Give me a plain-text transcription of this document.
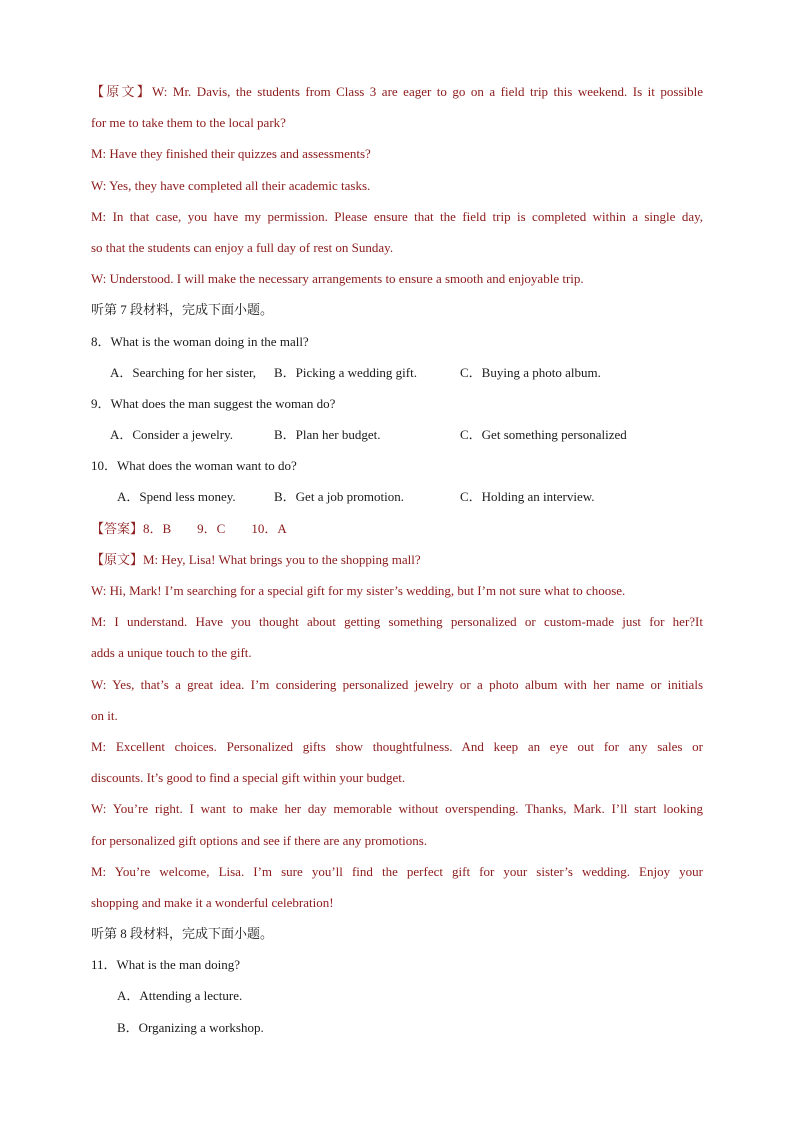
【原文】W: Mr. Davis, the students from Class 3 are eager to go on a field trip this weekend. Is it possible
for me to take them to the local park?
M: Have they finished their quizzes and assessments?
W: Yes, they have completed all their academic tasks.
M: In that case, you have my permission. Please ensure that the field trip is completed within a single day,
so that the students can enjoy a full day of rest on Sunday.
W: Understood. I will make the necessary arrangements to ensure a smooth and enjoyable trip.
听第 7 段材料，完成下面小题。
8．What is the woman doing in the mall?
A．Searching for her sister, B．Picking a wedding gift.	C．Buying a photo album.
9．What does the man suggest the woman do?
A．Consider a jewelry.	B．Plan her budget.	C．Get something personalized
10．What does the woman want to do?
A．Spend less money.	B．Get a job promotion.	C．Holding an interview.
【答案】8．B        9．C        10．A
【原文】M: Hey, Lisa! What brings you to the shopping mall?
W: Hi, Mark! I’m searching for a special gift for my sister’s wedding, but I’m not sure what to choose.
M: I understand. Have you thought about getting something personalized or custom-made just for her?It
adds a unique touch to the gift.
W: Yes, that’s a great idea. I’m considering personalized jewelry or a photo album with her name or initials
on it.
M: Excellent choices. Personalized gifts show thoughtfulness. And keep an eye out for any sales or
discounts. It’s good to find a special gift within your budget.
W: You’re right. I want to make her day memorable without overspending. Thanks, Mark. I’ll start looking
for personalized gift options and see if there are any promotions.
M: You’re welcome, Lisa. I’m sure you’ll find the perfect gift for your sister’s wedding. Enjoy your
shopping and make it a wonderful celebration!
听第 8 段材料，完成下面小题。
11．What is the man doing?
A．Attending a lecture.
B．Organizing a workshop.
